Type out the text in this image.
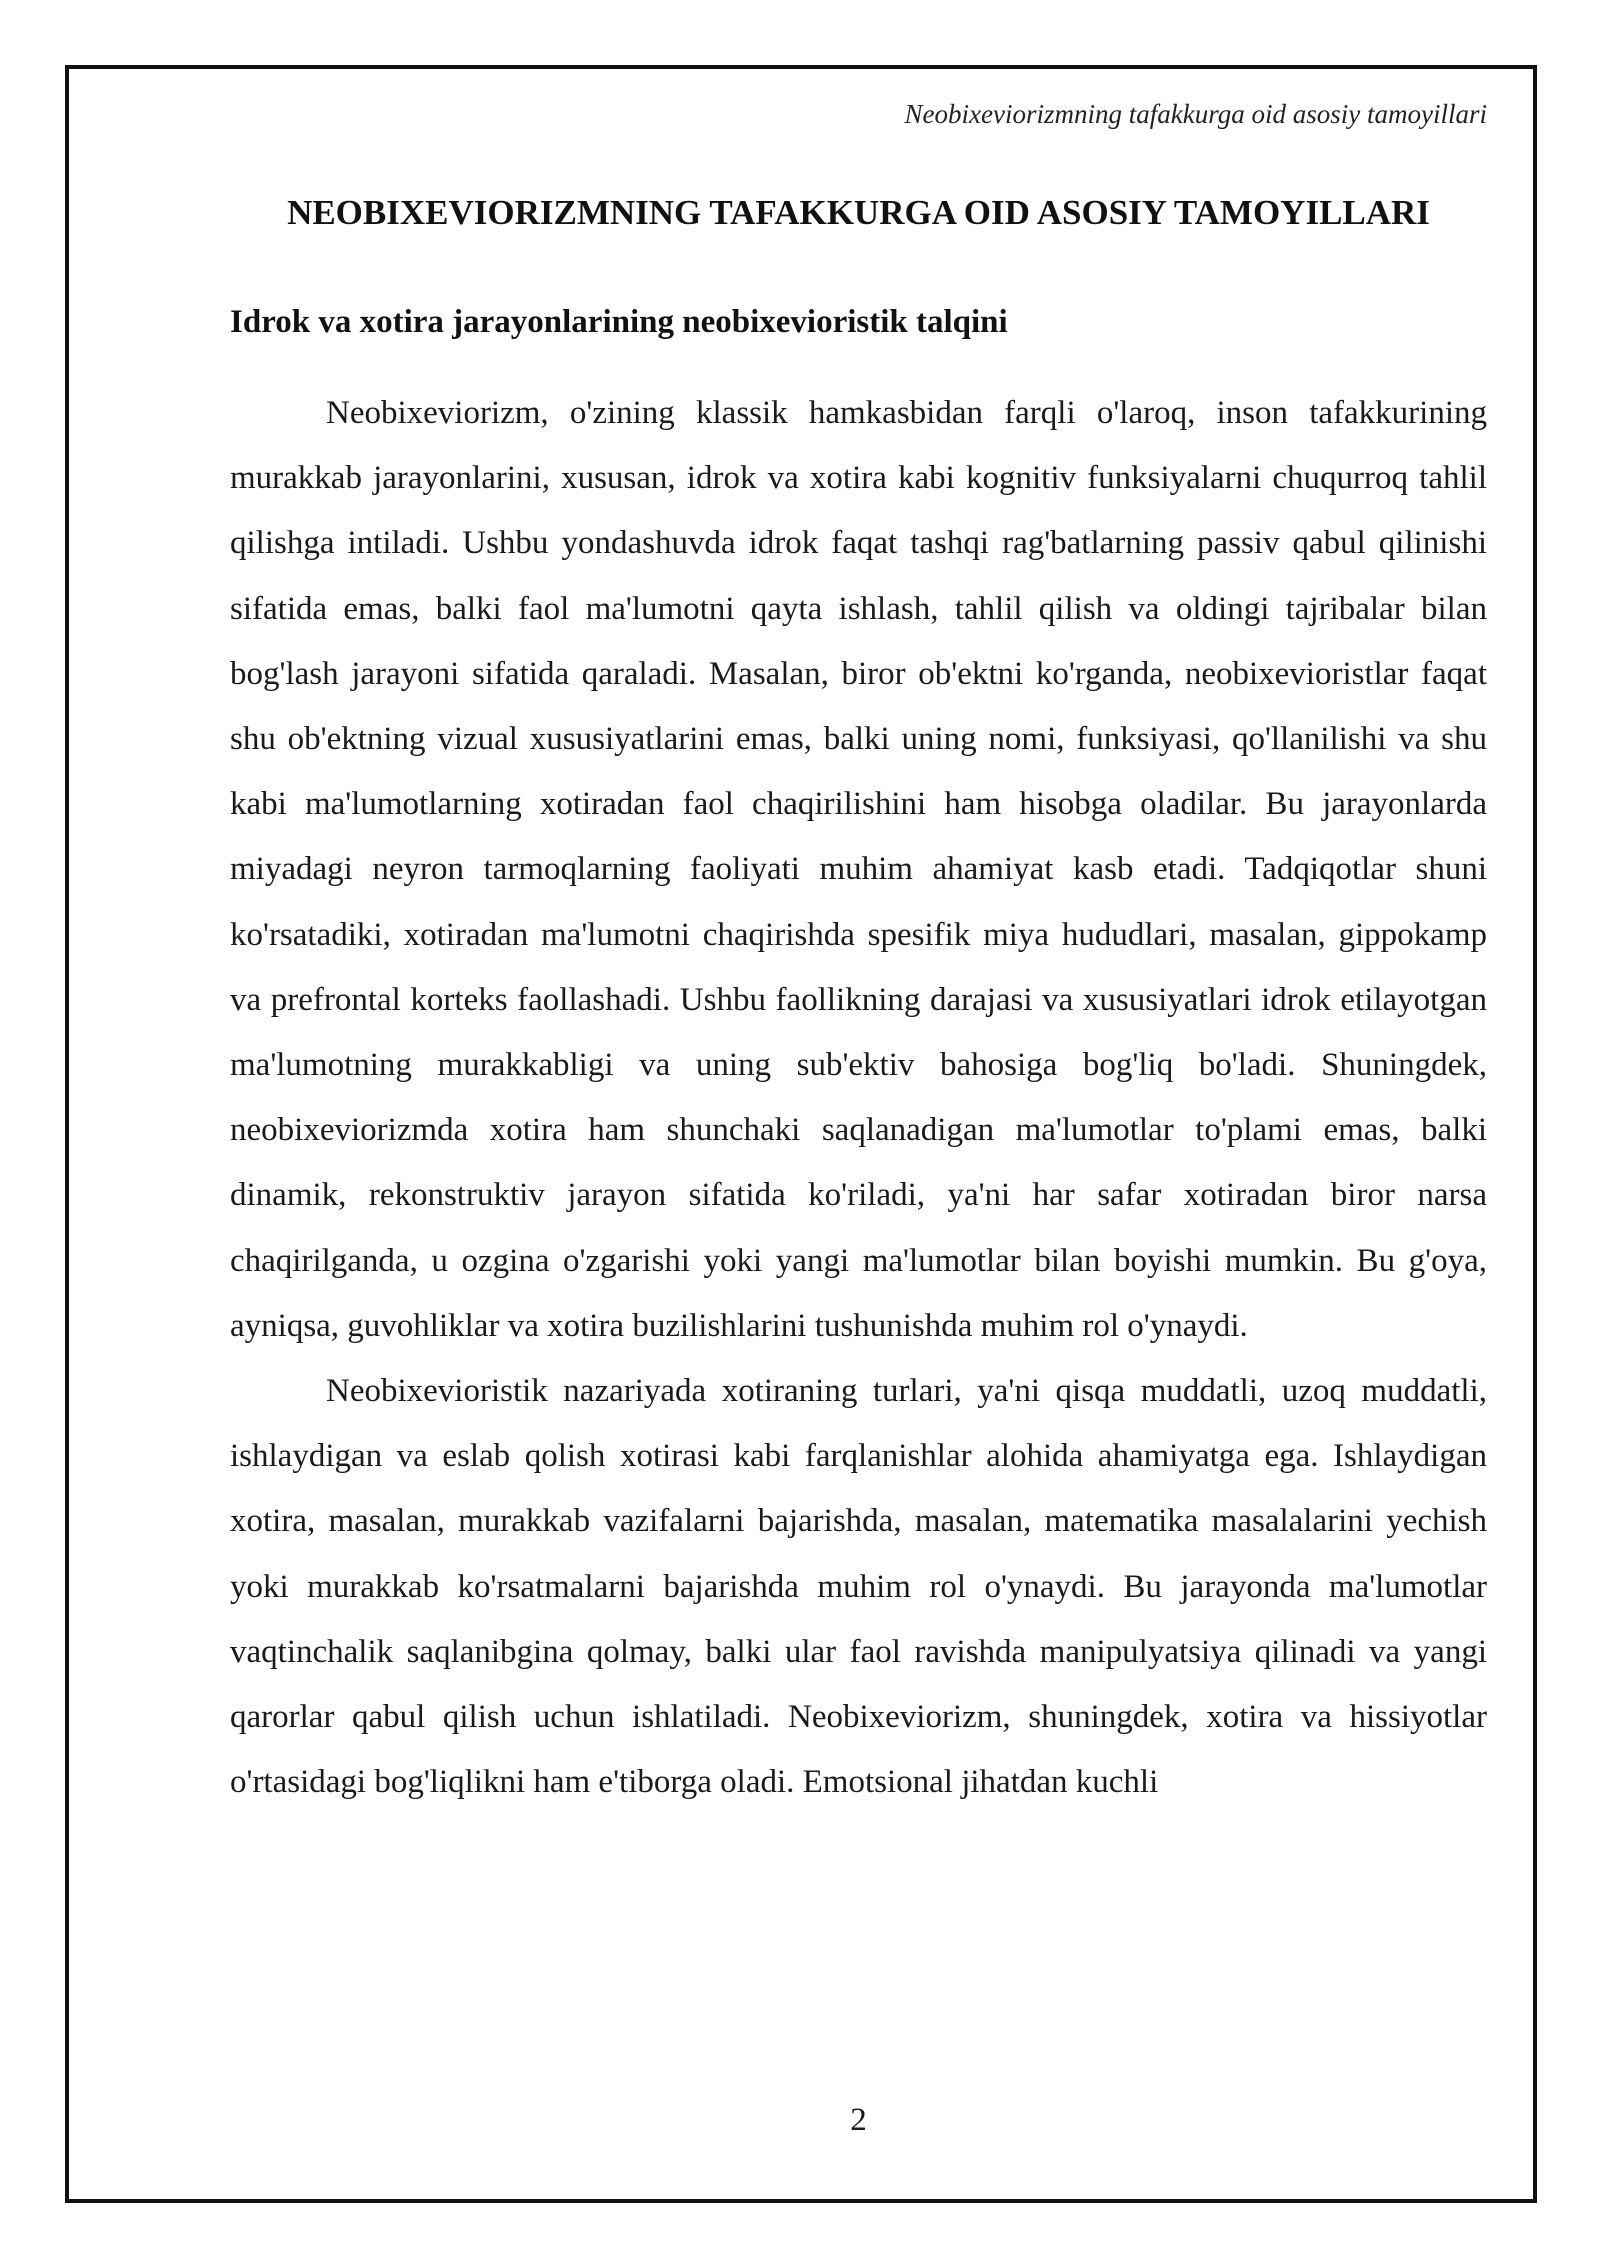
Neobixeviorizmning tafakkurga oid asosiy tamoyillari
NEOBIXEVIORIZMNING TAFAKKURGA OID ASOSIY TAMOYILLARI
Idrok va xotira jarayonlarining neobixevioristik talqini

Neobixeviorizm, o'zining klassik hamkasbidan farqli o'laroq, inson tafakkurining murakkab jarayonlarini, xususan, idrok va xotira kabi kognitiv funksiyalarni chuqurroq tahlil qilishga intiladi. Ushbu yondashuvda idrok faqat tashqi rag'batlarning passiv qabul qilinishi sifatida emas, balki faol ma'lumotni qayta ishlash, tahlil qilish va oldingi tajribalar bilan bog'lash jarayoni sifatida qaraladi. Masalan, biror ob'ektni ko'rganda, neobixevioristlar faqat shu ob'ektning vizual xususiyatlarini emas, balki uning nomi, funksiyasi, qo'llanilishi va shu kabi ma'lumotlarning xotiradan faol chaqirilishini ham hisobga oladilar. Bu jarayonlarda miyadagi neyron tarmoqlarning faoliyati muhim ahamiyat kasb etadi. Tadqiqotlar shuni ko'rsatadiki, xotiradan ma'lumotni chaqirishda spesifik miya hududlari, masalan, gippokamp va prefrontal korteks faollashadi. Ushbu faollikning darajasi va xususiyatlari idrok etilayotgan ma'lumotning murakkabligi va uning sub'ektiv bahosiga bog'liq bo'ladi. Shuningdek, neobixeviorizmda xotira ham shunchaki saqlanadigan ma'lumotlar to'plami emas, balki dinamik, rekonstruktiv jarayon sifatida ko'riladi, ya'ni har safar xotiradan biror narsa chaqirilganda, u ozgina o'zgarishi yoki yangi ma'lumotlar bilan boyishi mumkin. Bu g'oya, ayniqsa, guvohliklar va xotira buzilishlarini tushunishda muhim rol o'ynaydi.

Neobixevioristik nazariyada xotiraning turlari, ya'ni qisqa muddatli, uzoq muddatli, ishlaydigan va eslab qolish xotirasi kabi farqlanishlar alohida ahamiyatga ega. Ishlaydigan xotira, masalan, murakkab vazifalarni bajarishda, masalan, matematika masalalarini yechish yoki murakkab ko'rsatmalarni bajarishda muhim rol o'ynaydi. Bu jarayonda ma'lumotlar vaqtinchalik saqlanibgina qolmay, balki ular faol ravishda manipulyatsiya qilinadi va yangi qarorlar qabul qilish uchun ishlatiladi. Neobixeviorizm, shuningdek, xotira va hissiyotlar o'rtasidagi bog'liqlikni ham e'tiborga oladi. Emotsional jihatdan kuchli

2
